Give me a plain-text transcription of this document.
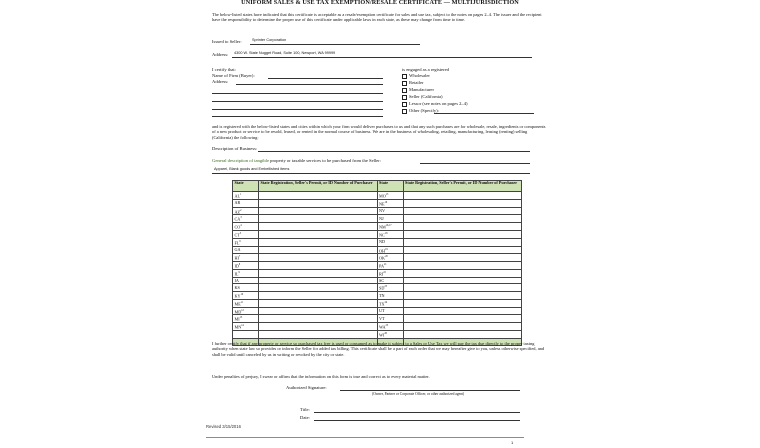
UNIFORM SALES & USE TAX EXEMPTION/RESALE CERTIFICATE — MULTIJURISDICTION
The below-listed states have indicated that this certificate is acceptable as a resale/exemption certificate for sales and use tax, subject to the notes on pages 2–4. The issuer and the recipient have the responsibility to determine the proper use of this certificate under applicable laws in each state, as these may change from time to time.
Issued to Seller:	Sprinter Corporation
Address: 4300 W. State Nugget Road, Suite 100, Newport, WA 99999
I certify that:
Name of Firm (Buyer):
Address:
is engaged as a registered
Wholesaler
Retailer
Manufacturer
Seller (California)
Lessor (see notes on pages 2–4)
Other (Specify):
and is registered with the below-listed states and cities within which your firm would deliver purchases to us and that any such purchases are for wholesale, resale, ingredients or components of a new product or service to be resold, leased, or rented in the normal course of business. We are in the business of wholesaling, retailing, manufacturing, leasing (renting) selling (California) the following:
Description of Business:
General description of tangible property or taxable services to be purchased from the Seller:
Apparel, Blank goods and Embellished items
State	State Registration, Seller's Permit, or ID Number of Purchaser	State	State Registration, Seller's Permit, or ID Number of Purchaser
$AL^1$		MO$^{15}$	
AR		NE$^{16}$	
$AZ^2$		NV	
$CA^3$		NJ	
$CO^4$		NM$^{16,17}$	
$CT^5$		NC$^{18}$	
$FL^6$		ND	
GA		OH$^{19}$	
$HI^7$		OK$^{20}$	
$ID^8$		PA$^{21}$	
$IL^9$		RI$^{22}$	
IA		SC	
KS		SD$^{23}$	
KY$^{10}$		TN	
ME$^{11}$		TX$^{24}$	
MD$^{12}$		UT	
MI$^{13}$		VT	
MN$^{14}$		WA$^{25}$	
		WI$^{26}$	

I further certify that if any property or service so purchased tax free is used or consumed as to make it subject to a Sales or Use Tax we will pay the tax due directly to the proper taxing authority when state law so provides or inform the Seller for added tax billing. This certificate shall be a part of each order that we may hereafter give to you, unless otherwise specified, and shall be valid until canceled by us in writing or revoked by the city or state.
Under penalties of perjury, I swear or affirm that the information on this form is true and correct as to every material matter.
Authorized Signature:
(Owner, Partner or Corporate Officer, or other authorized agent)
Title:
Date:
Revised 3/15/2016
1
